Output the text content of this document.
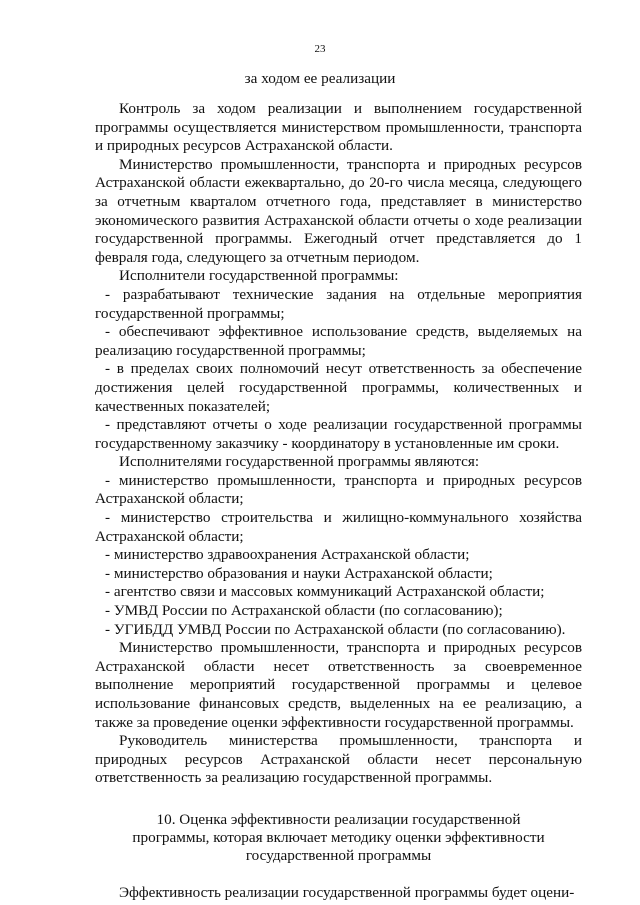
23
за ходом ее реализации

Контроль за ходом реализации и выполнением государственной программы осуществляется министерством промышленности, транспорта и природных ресурсов Астраханской области.

Министерство промышленности, транспорта и природных ресурсов Астраханской области ежеквартально, до 20-го числа месяца, следующего за отчетным кварталом отчетного года, представляет в министерство экономического развития Астраханской области отчеты о ходе реализации государственной программы. Ежегодный отчет представляется до 1 февраля года, следующего за отчетным периодом.

Исполнители государственной программы:

- разрабатывают технические задания на отдельные мероприятия государственной программы;

- обеспечивают эффективное использование средств, выделяемых на реализацию государственной программы;

- в пределах своих полномочий несут ответственность за обеспечение достижения целей государственной программы, количественных и качественных показателей;

- представляют отчеты о ходе реализации государственной программы государственному заказчику - координатору в установленные им сроки.

Исполнителями государственной программы являются:

- министерство промышленности, транспорта и природных ресурсов Астраханской области;

- министерство строительства и жилищно-коммунального хозяйства Астраханской области;

- министерство здравоохранения Астраханской области;

- министерство образования и науки Астраханской области;

- агентство связи и массовых коммуникаций Астраханской области;

- УМВД России по Астраханской области (по согласованию);

- УГИБДД УМВД России по Астраханской области (по согласованию).

Министерство промышленности, транспорта и природных ресурсов Астраханской области несет ответственность за своевременное выполнение мероприятий государственной программы и целевое использование финансовых средств, выделенных на ее реализацию, а также за проведение оценки эффективности государственной программы.

Руководитель министерства промышленности, транспорта и природных ресурсов Астраханской области несет персональную ответственность за реализацию государственной программы.

10. Оценка эффективности реализации государственной
программы, которая включает методику оценки эффективности
государственной программы

Эффективность реализации государственной программы будет оцени-
